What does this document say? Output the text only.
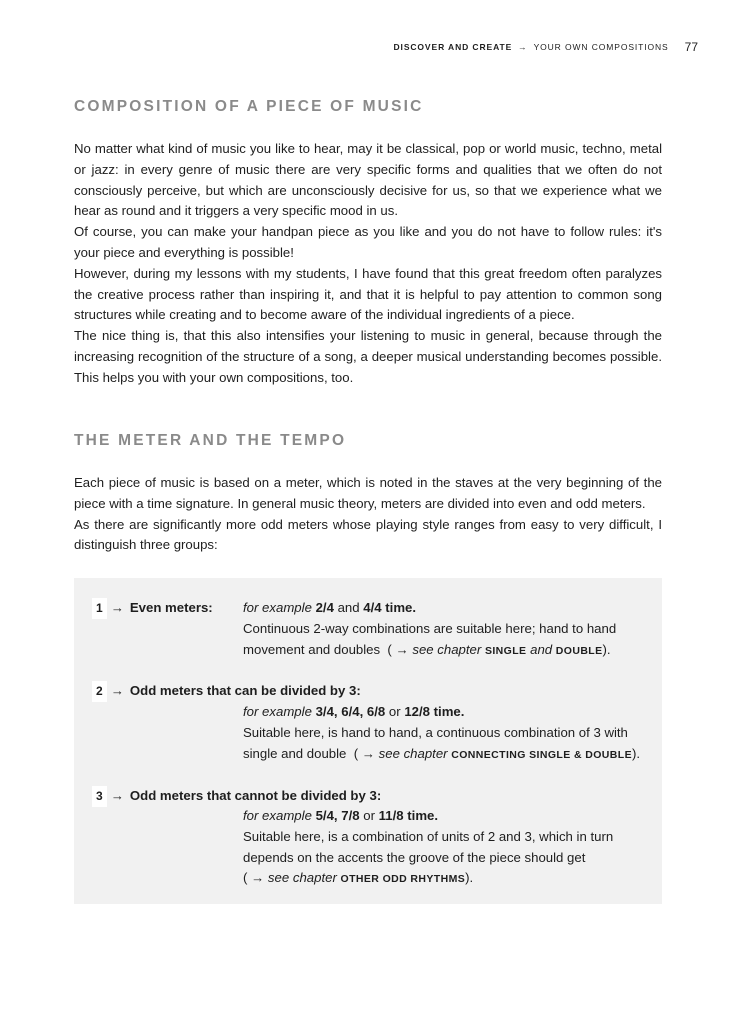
DISCOVER AND CREATE → YOUR OWN COMPOSITIONS 77
COMPOSITION OF A PIECE OF MUSIC

No matter what kind of music you like to hear, may it be classical, pop or world music, techno, metal or jazz: in every genre of music there are very specific forms and qualities that we often do not consciously perceive, but which are unconsciously decisive for us, so that we experience what we hear as round and it triggers a very specific mood in us.

Of course, you can make your handpan piece as you like and you do not have to follow rules: it's your piece and everything is possible!

However, during my lessons with my students, I have found that this great freedom often paralyzes the creative process rather than inspiring it, and that it is helpful to pay attention to common song structures while creating and to become aware of the individual ingredients of a piece.

The nice thing is, that this also intensifies your listening to music in general, because through the increasing recognition of the structure of a song, a deeper musical understanding becomes possible. This helps you with your own compositions, too.

THE METER AND THE TEMPO

Each piece of music is based on a meter, which is noted in the staves at the very beginning of the piece with a time signature. In general music theory, meters are divided into even and odd meters.

As there are significantly more odd meters whose playing style ranges from easy to very difficult, I distinguish three groups:

1 → Even meters: for example 2/4 and 4/4 time.
Continuous 2-way combinations are suitable here; hand to hand
movement and doubles ( → see chapter SINGLE and DOUBLE).
2 → Odd meters that can be divided by 3:
for example 3/4, 6/4, 6/8 or 12/8 time.
Suitable here, is hand to hand, a continuous combination of 3 with
single and double ( → see chapter CONNECTING SINGLE & DOUBLE).
3 → Odd meters that cannot be divided by 3:
for example 5/4, 7/8 or 11/8 time.
Suitable here, is a combination of units of 2 and 3, which in turn
depends on the accents the groove of the piece should get
( → see chapter OTHER ODD RHYTHMS).
